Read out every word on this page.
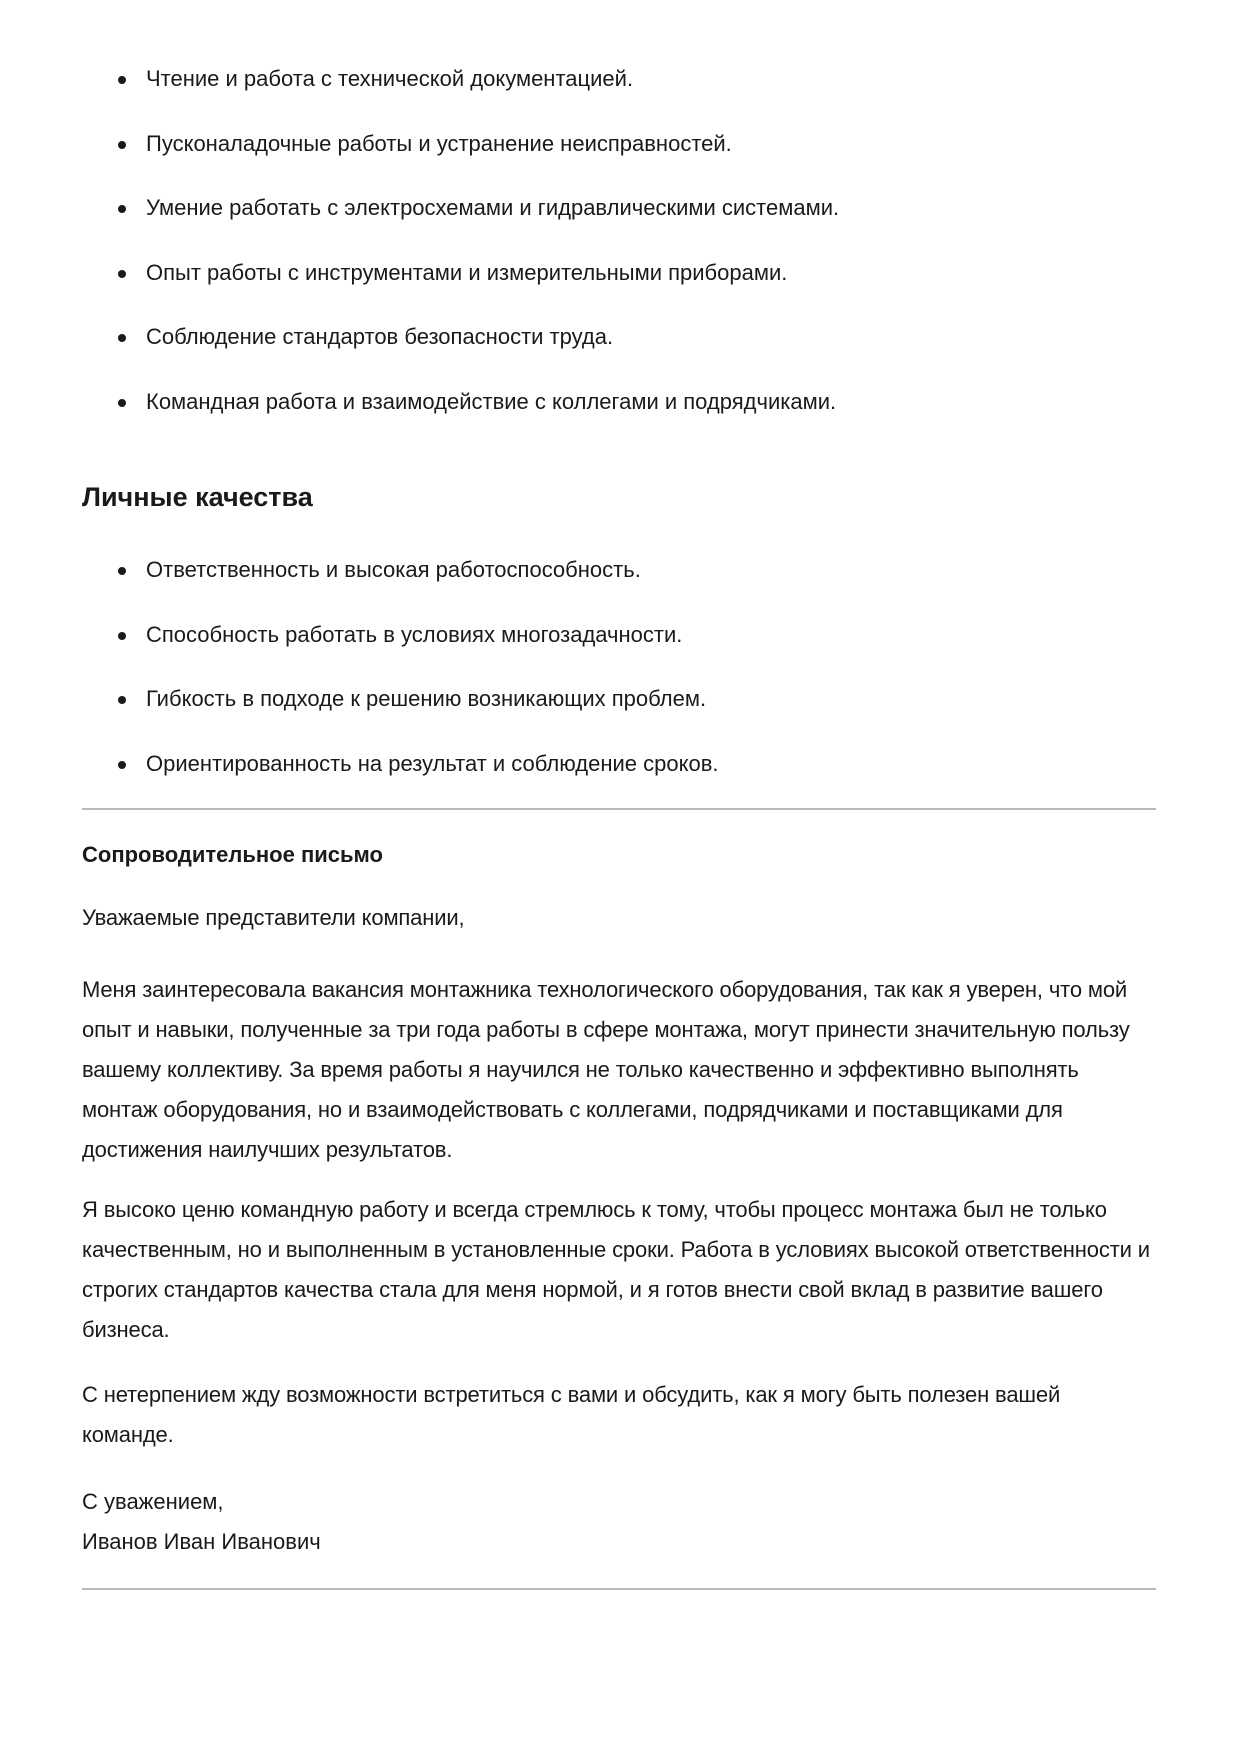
Чтение и работа с технической документацией.
Пусконаладочные работы и устранение неисправностей.
Умение работать с электросхемами и гидравлическими системами.
Опыт работы с инструментами и измерительными приборами.
Соблюдение стандартов безопасности труда.
Командная работа и взаимодействие с коллегами и подрядчиками.
Личные качества
Ответственность и высокая работоспособность.
Способность работать в условиях многозадачности.
Гибкость в подходе к решению возникающих проблем.
Ориентированность на результат и соблюдение сроков.
Сопроводительное письмо

Уважаемые представители компании,

Меня заинтересовала вакансия монтажника технологического оборудования, так как я уверен, что мой опыт и навыки, полученные за три года работы в сфере монтажа, могут принести значительную пользу вашему коллективу. За время работы я научился не только качественно и эффективно выполнять монтаж оборудования, но и взаимодействовать с коллегами, подрядчиками и поставщиками для достижения наилучших результатов.

Я высоко ценю командную работу и всегда стремлюсь к тому, чтобы процесс монтажа был не только качественным, но и выполненным в установленные сроки. Работа в условиях высокой ответственности и строгих стандартов качества стала для меня нормой, и я готов внести свой вклад в развитие вашего бизнеса.

С нетерпением жду возможности встретиться с вами и обсудить, как я могу быть полезен вашей команде.

С уважением,
Иванов Иван Иванович
